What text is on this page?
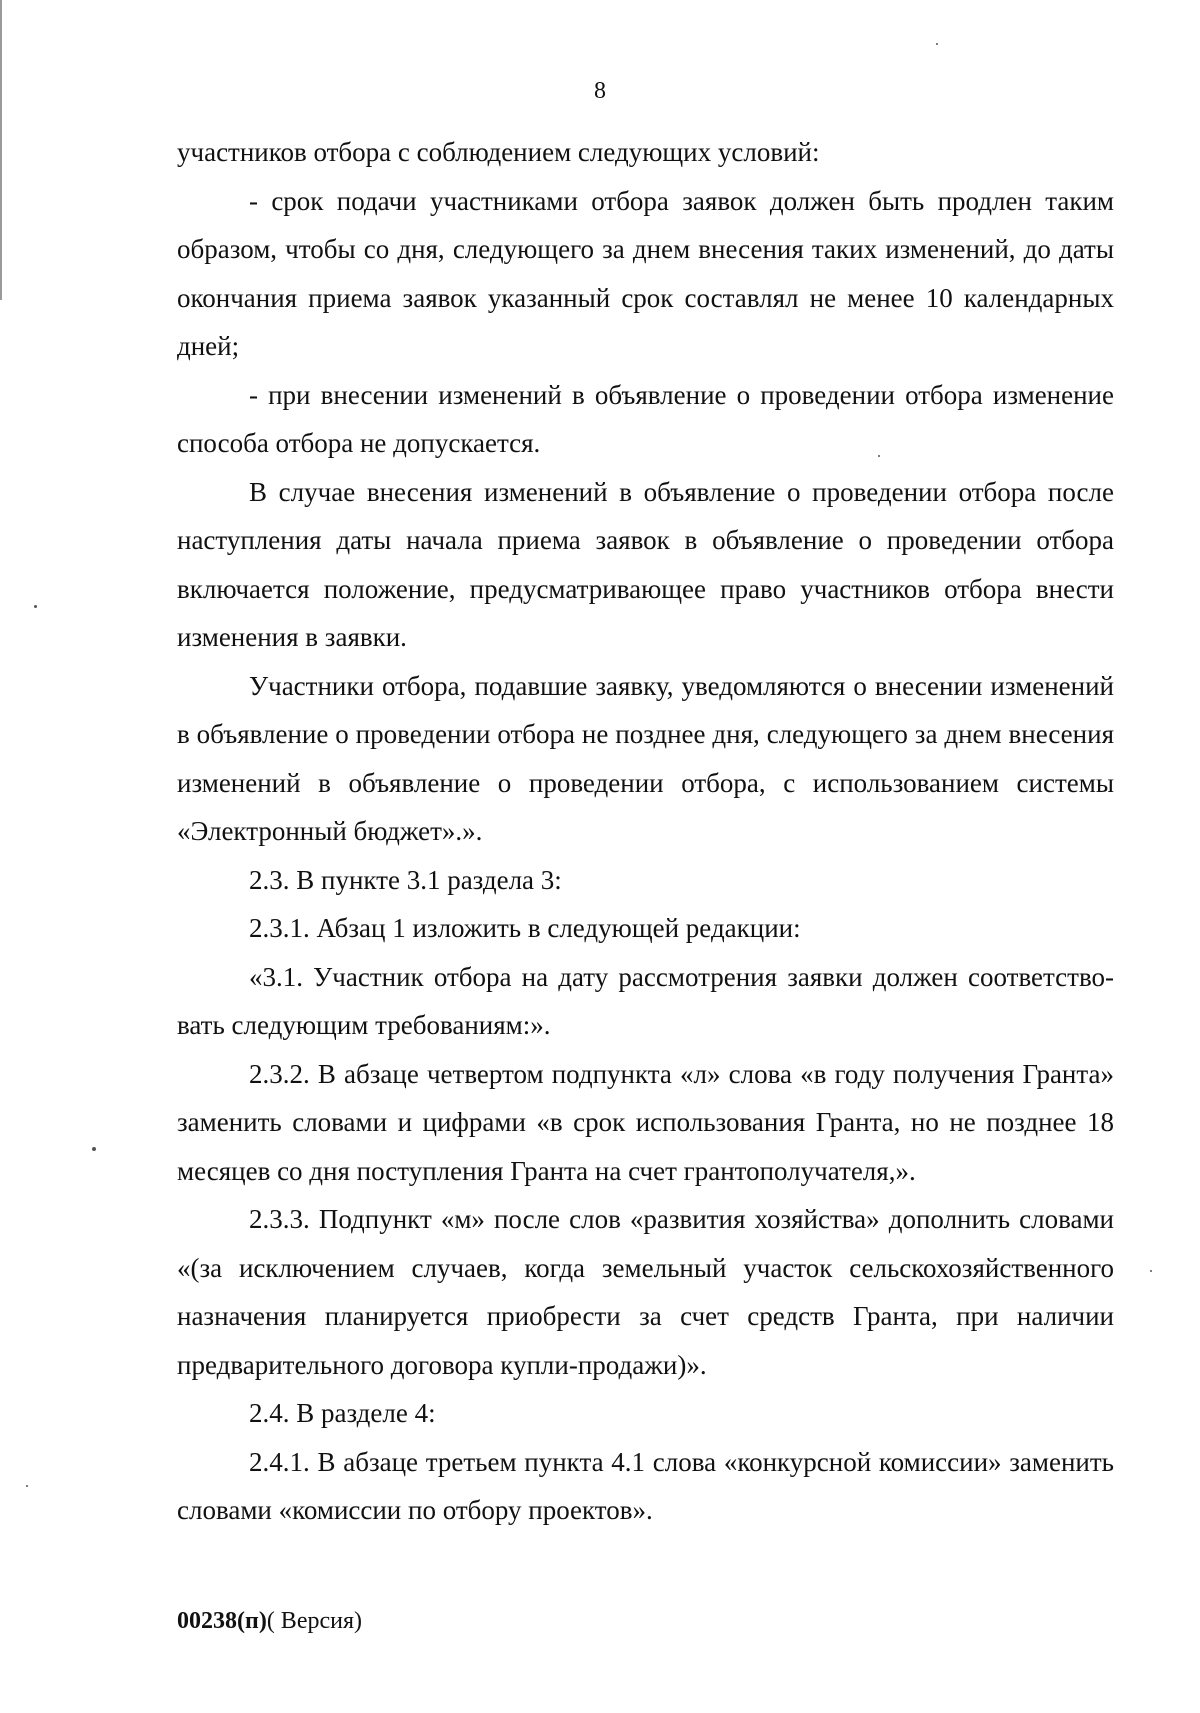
8

участников отбора с соблюдением следующих условий:

- срок подачи участниками отбора заявок должен быть продлен таким образом, чтобы со дня, следующего за днем внесения таких изменений, до даты окончания приема заявок указанный срок составлял не менее 10 календарных дней;

- при внесении изменений в объявление о проведении отбора изменение способа отбора не допускается.

В случае внесения изменений в объявление о проведении отбора после наступления даты начала приема заявок в объявление о проведении отбора включается положение, предусматривающее право участников отбора внести изменения в заявки.

Участники отбора, подавшие заявку, уведомляются о внесении изменений в объявление о проведении отбора не позднее дня, следующего за днем внесения изменений в объявление о проведении отбора, с использованием системы «Электронный бюджет».».

2.3. В пункте 3.1 раздела 3:

2.3.1. Абзац 1 изложить в следующей редакции:

«3.1. Участник отбора на дату рассмотрения заявки должен соответство-вать следующим требованиям:».

2.3.2. В абзаце четвертом подпункта «л» слова «в году получения Гранта» заменить словами и цифрами «в срок использования Гранта, но не позднее 18 месяцев со дня поступления Гранта на счет грантополучателя,».

2.3.3. Подпункт «м» после слов «развития хозяйства» дополнить словами «(за исключением случаев, когда земельный участок сельскохозяйственного назначения планируется приобрести за счет средств Гранта, при наличии предварительного договора купли-продажи)».

2.4. В разделе 4:

2.4.1. В абзаце третьем пункта 4.1 слова «конкурсной комиссии» заменить словами «комиссии по отбору проектов».

00238(п)( Версия)
